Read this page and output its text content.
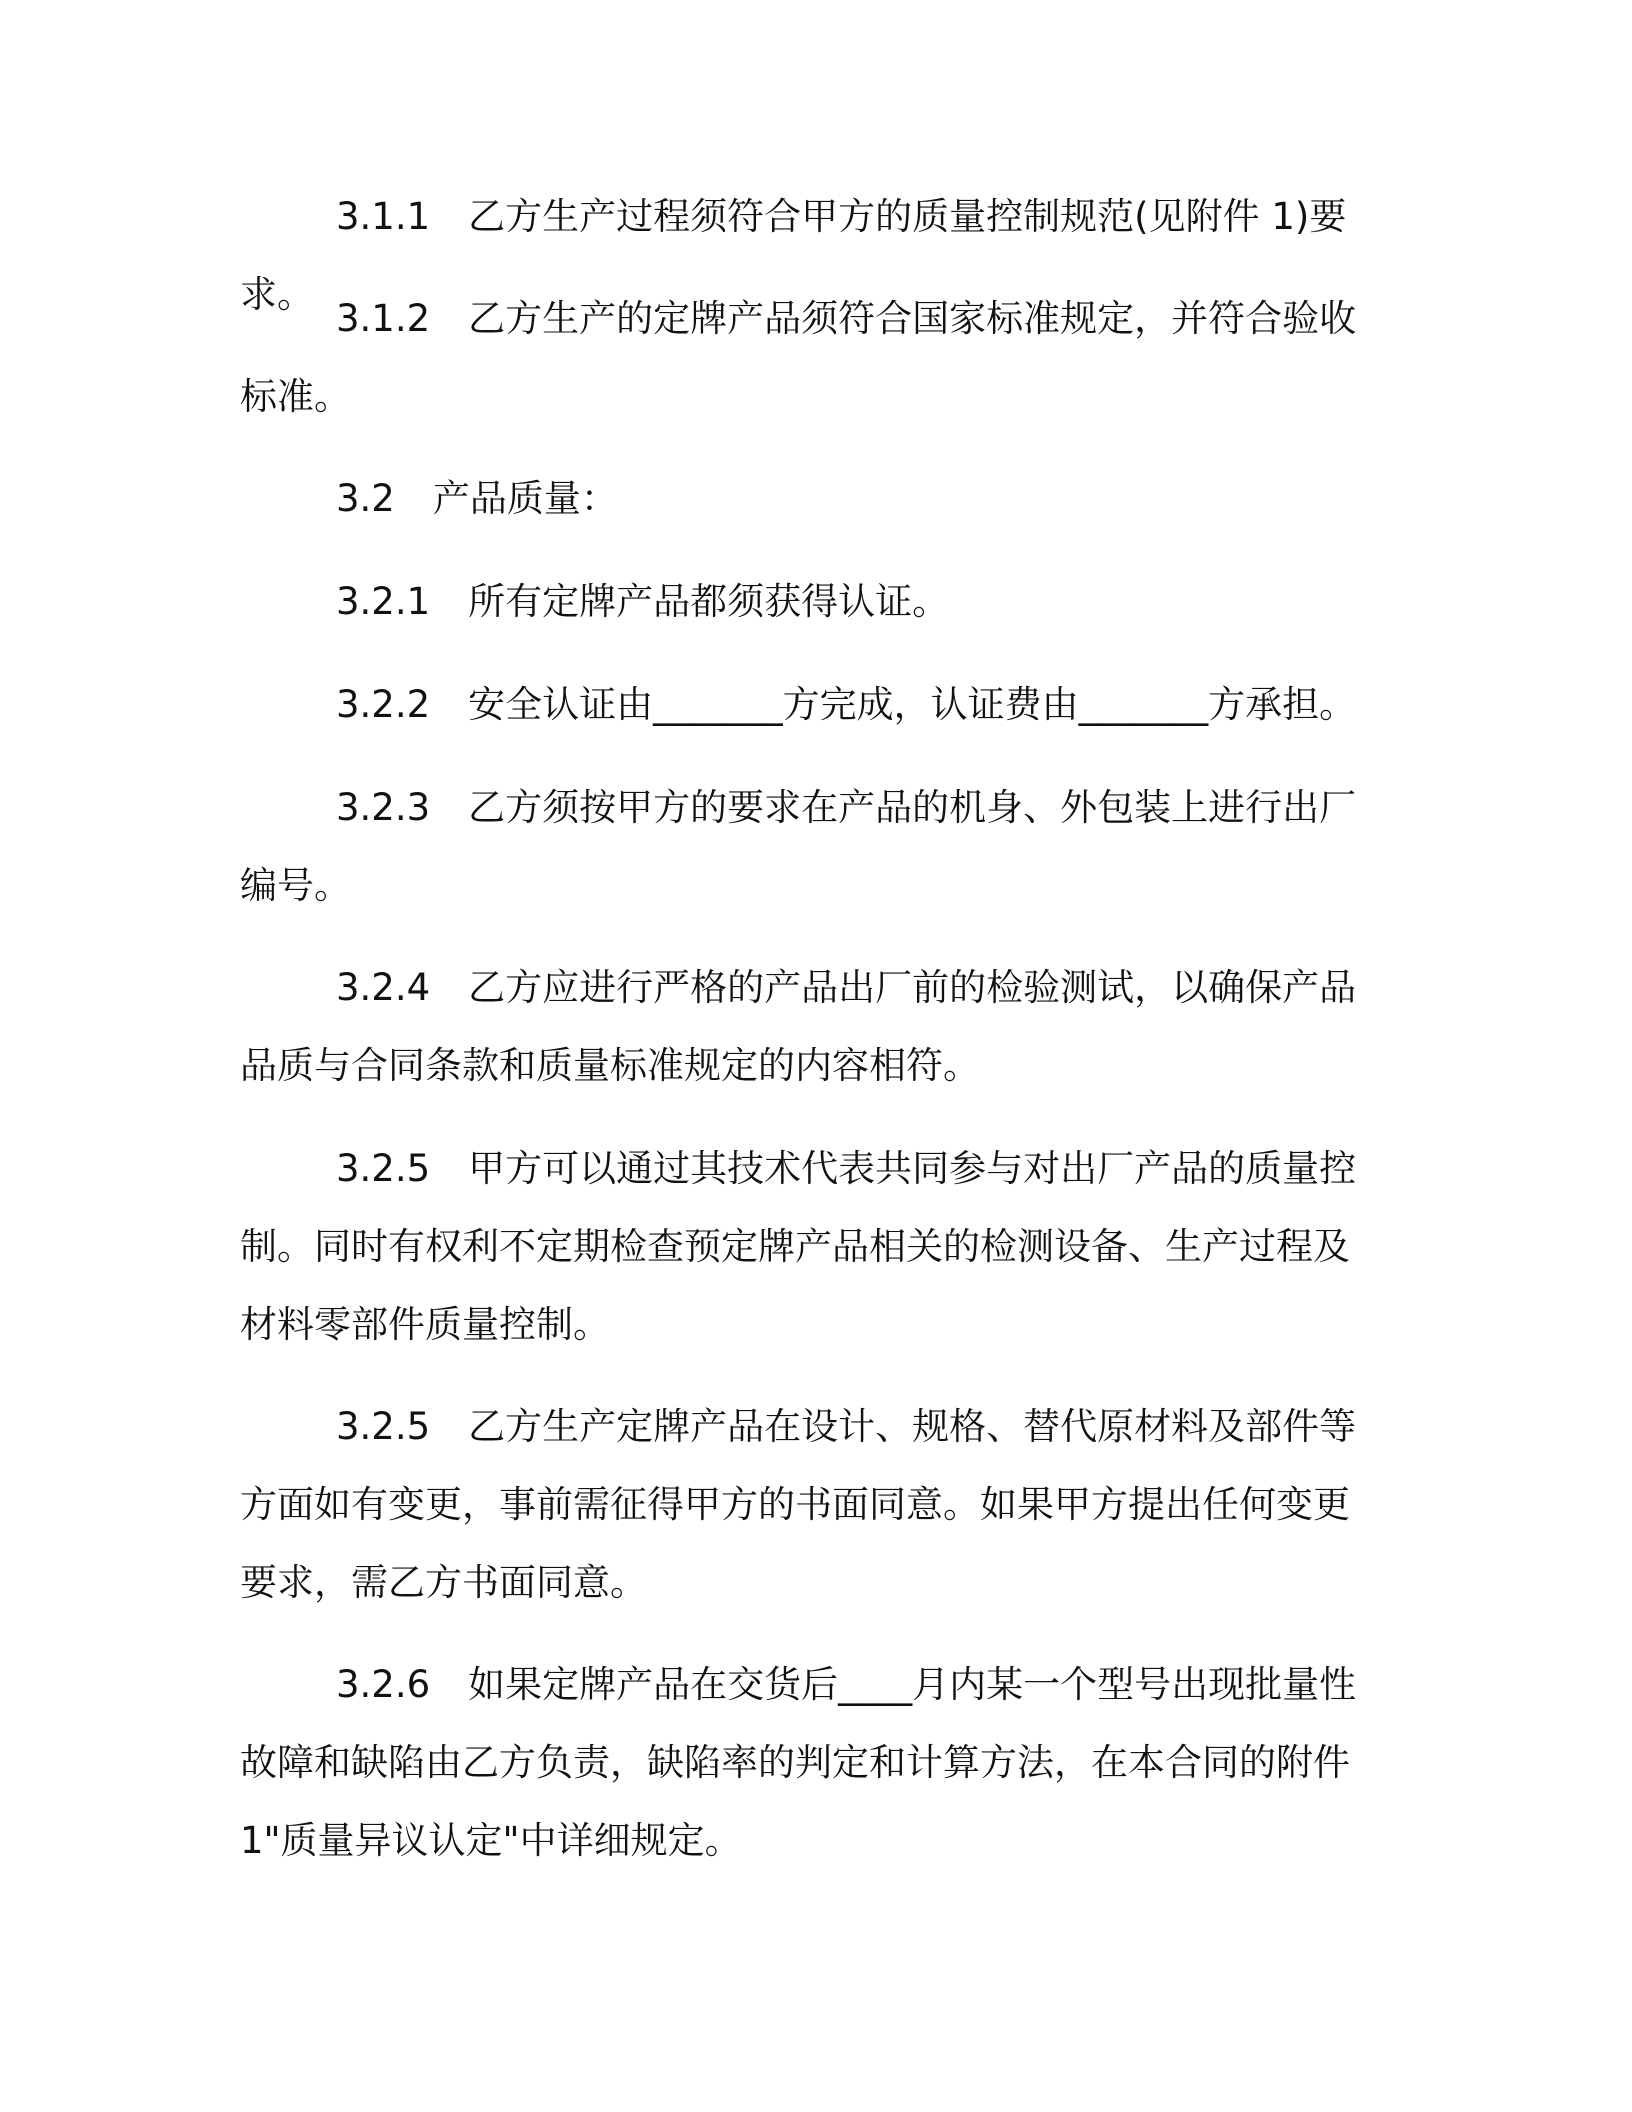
3.1.1 乙方生产过程须符合甲方的质量控制规范(见附件 1)要求。

3.1.2 乙方生产的定牌产品须符合国家标准规定，并符合验收标准。

3.2 产品质量：

3.2.1 所有定牌产品都须获得认证。

3.2.2 安全认证由_______方完成，认证费由_______方承担。

3.2.3 乙方须按甲方的要求在产品的机身、外包装上进行出厂编号。

3.2.4 乙方应进行严格的产品出厂前的检验测试，以确保产品品质与合同条款和质量标准规定的内容相符。

3.2.5 甲方可以通过其技术代表共同参与对出厂产品的质量控制。同时有权利不定期检查预定牌产品相关的检测设备、生产过程及材料零部件质量控制。

3.2.5 乙方生产定牌产品在设计、规格、替代原材料及部件等方面如有变更，事前需征得甲方的书面同意。如果甲方提出任何变更要求，需乙方书面同意。

3.2.6 如果定牌产品在交货后____月内某一个型号出现批量性故障和缺陷由乙方负责，缺陷率的判定和计算方法，在本合同的附件 1"质量异议认定"中详细规定。
